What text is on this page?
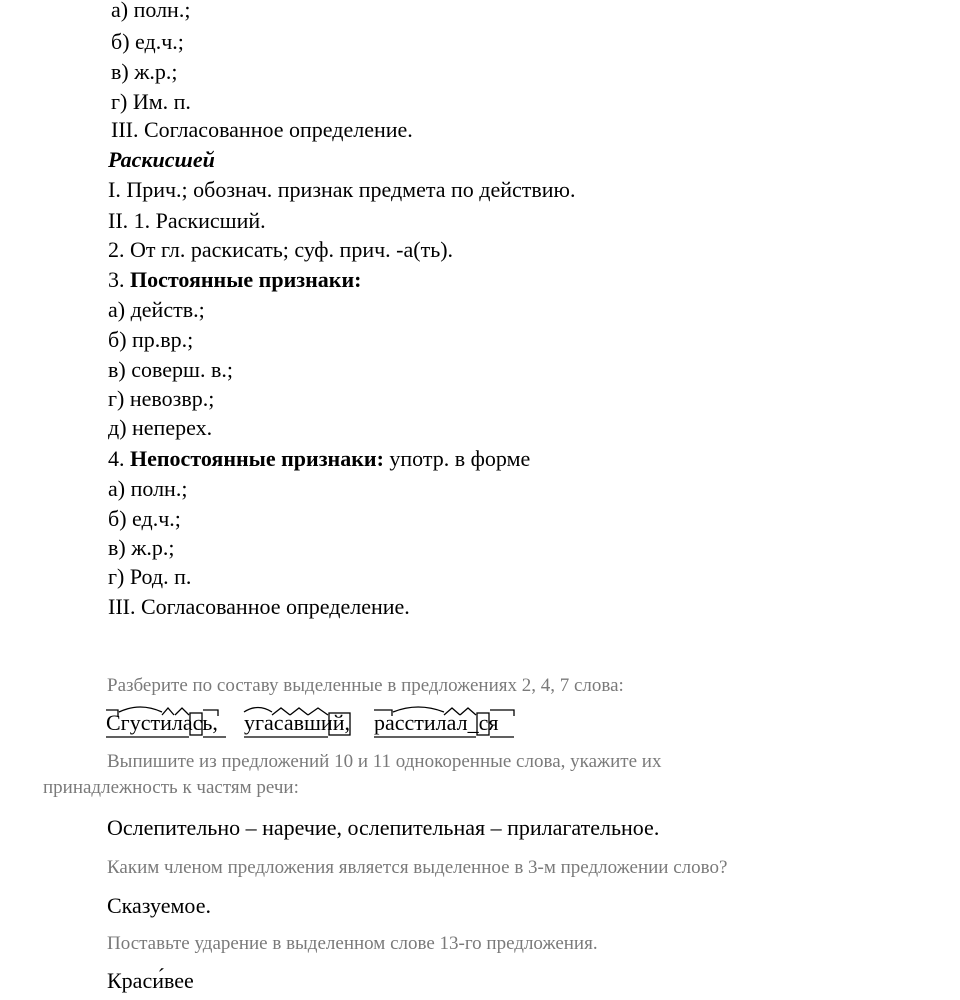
а) полн.;
б) ед.ч.;
в) ж.р.;
г) Им. п.
III. Согласованное определение.
Раскисшей
I. Прич.; обознач. признак предмета по действию.
II. 1. Раскисший.
2. От гл. раскисать; суф. прич. -а(ть).
3. Постоянные признаки:
а) действ.;
б) пр.вр.;
в) соверш. в.;
г) невозвр.;
д) неперех.
4. Непостоянные признаки: употр. в форме
а) полн.;
б) ед.ч.;
в) ж.р.;
г) Род. п.
III. Согласованное определение.
Разберите по составу выделенные в предложениях 2, 4, 7 слова:
Сгустилась, угасавший, расстилал_ся
Выпишите из предложений 10 и 11 однокоренные слова, укажите их
принадлежность к частям речи:
Ослепительно – наречие, ослепительная – прилагательное.
Каким членом предложения является выделенное в 3-м предложении слово?
Сказуемое.
Поставьте ударение в выделенном слове 13-го предложения.
Краси́вее
